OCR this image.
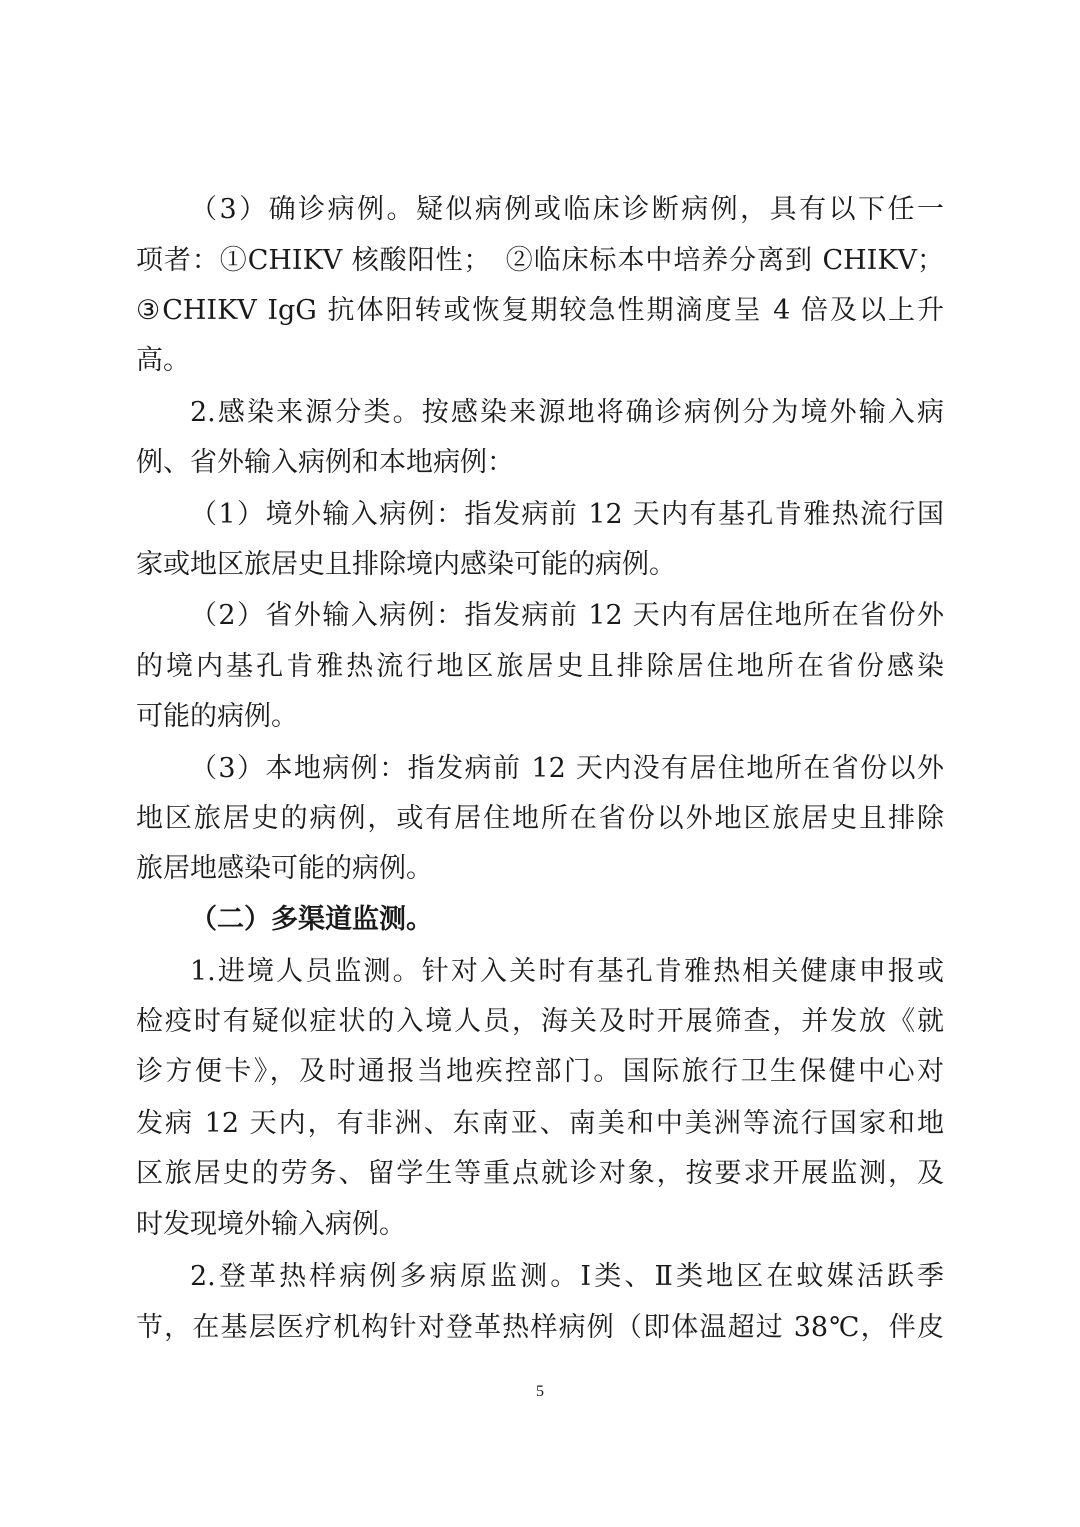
（3）确诊病例。疑似病例或临床诊断病例，具有以下任一
项者：①CHIKV 核酸阳性；　②临床标本中培养分离到 CHIKV；
③CHIKV IgG 抗体阳转或恢复期较急性期滴度呈 4 倍及以上升
高。
2.感染来源分类。按感染来源地将确诊病例分为境外输入病
例、省外输入病例和本地病例：
（1）境外输入病例：指发病前 12 天内有基孔肯雅热流行国
家或地区旅居史且排除境内感染可能的病例。
（2）省外输入病例：指发病前 12 天内有居住地所在省份外
的境内基孔肯雅热流行地区旅居史且排除居住地所在省份感染
可能的病例。
（3）本地病例：指发病前 12 天内没有居住地所在省份以外
地区旅居史的病例，或有居住地所在省份以外地区旅居史且排除
旅居地感染可能的病例。
（二）多渠道监测。
1.进境人员监测。针对入关时有基孔肯雅热相关健康申报或
检疫时有疑似症状的入境人员，海关及时开展筛查，并发放《就
诊方便卡》，及时通报当地疾控部门。国际旅行卫生保健中心对
发病 12 天内，有非洲、东南亚、南美和中美洲等流行国家和地
区旅居史的劳务、留学生等重点就诊对象，按要求开展监测，及
时发现境外输入病例。
2.登革热样病例多病原监测。Ⅰ类、Ⅱ类地区在蚊媒活跃季
节，在基层医疗机构针对登革热样病例（即体温超过 38℃，伴皮
5
